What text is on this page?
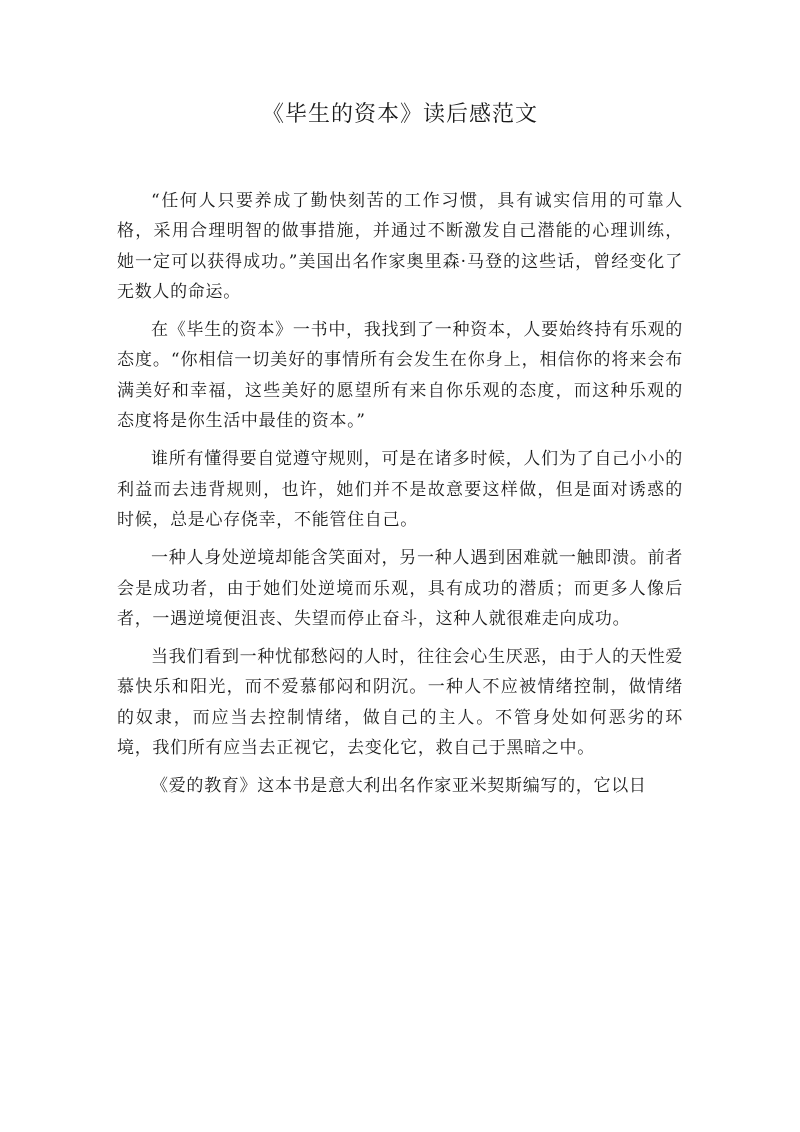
《毕生的资本》读后感范文

“任何人只要养成了勤快刻苦的工作习惯，具有诚实信用的可靠人格，采用合理明智的做事措施，并通过不断激发自己潜能的心理训练，她一定可以获得成功。”美国出名作家奥里森·马登的这些话，曾经变化了无数人的命运。

在《毕生的资本》一书中，我找到了一种资本，人要始终持有乐观的态度。“你相信一切美好的事情所有会发生在你身上，相信你的将来会布满美好和幸福，这些美好的愿望所有来自你乐观的态度，而这种乐观的态度将是你生活中最佳的资本。”

谁所有懂得要自觉遵守规则，可是在诸多时候，人们为了自己小小的利益而去违背规则，也许，她们并不是故意要这样做，但是面对诱惑的时候，总是心存侥幸，不能管住自己。

一种人身处逆境却能含笑面对，另一种人遇到困难就一触即溃。前者会是成功者，由于她们处逆境而乐观，具有成功的潜质；而更多人像后者，一遇逆境便沮丧、失望而停止奋斗，这种人就很难走向成功。

当我们看到一种忧郁愁闷的人时，往往会心生厌恶，由于人的天性爱慕快乐和阳光，而不爱慕郁闷和阴沉。一种人不应被情绪控制，做情绪的奴隶，而应当去控制情绪，做自己的主人。不管身处如何恶劣的环境，我们所有应当去正视它，去变化它，救自己于黑暗之中。

《爱的教育》这本书是意大利出名作家亚米契斯编写的，它以日
